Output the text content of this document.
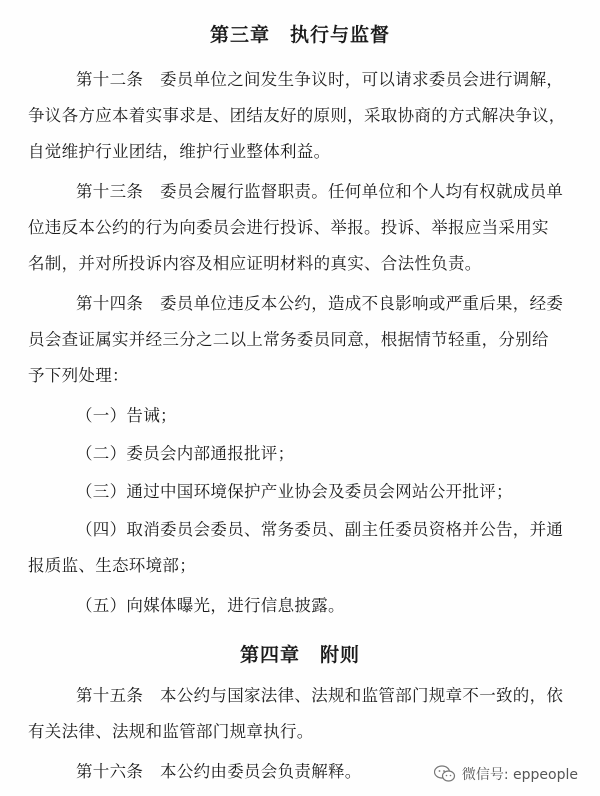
第三章　执行与监督
第十二条　委员单位之间发生争议时，可以请求委员会进行调解，
争议各方应本着实事求是、团结友好的原则，采取协商的方式解决争议，
自觉维护行业团结，维护行业整体利益。
第十三条　委员会履行监督职责。任何单位和个人均有权就成员单
位违反本公约的行为向委员会进行投诉、举报。投诉、举报应当采用实
名制，并对所投诉内容及相应证明材料的真实、合法性负责。
第十四条　委员单位违反本公约，造成不良影响或严重后果，经委
员会查证属实并经三分之二以上常务委员同意，根据情节轻重，分别给
予下列处理：
（一）告诫；
（二）委员会内部通报批评；
（三）通过中国环境保护产业协会及委员会网站公开批评；
（四）取消委员会委员、常务委员、副主任委员资格并公告，并通
报质监、生态环境部；
（五）向媒体曝光，进行信息披露。
第四章　附则
第十五条　本公约与国家法律、法规和监管部门规章不一致的，依
有关法律、法规和监管部门规章执行。
第十六条　本公约由委员会负责解释。	微信号: eppeople
